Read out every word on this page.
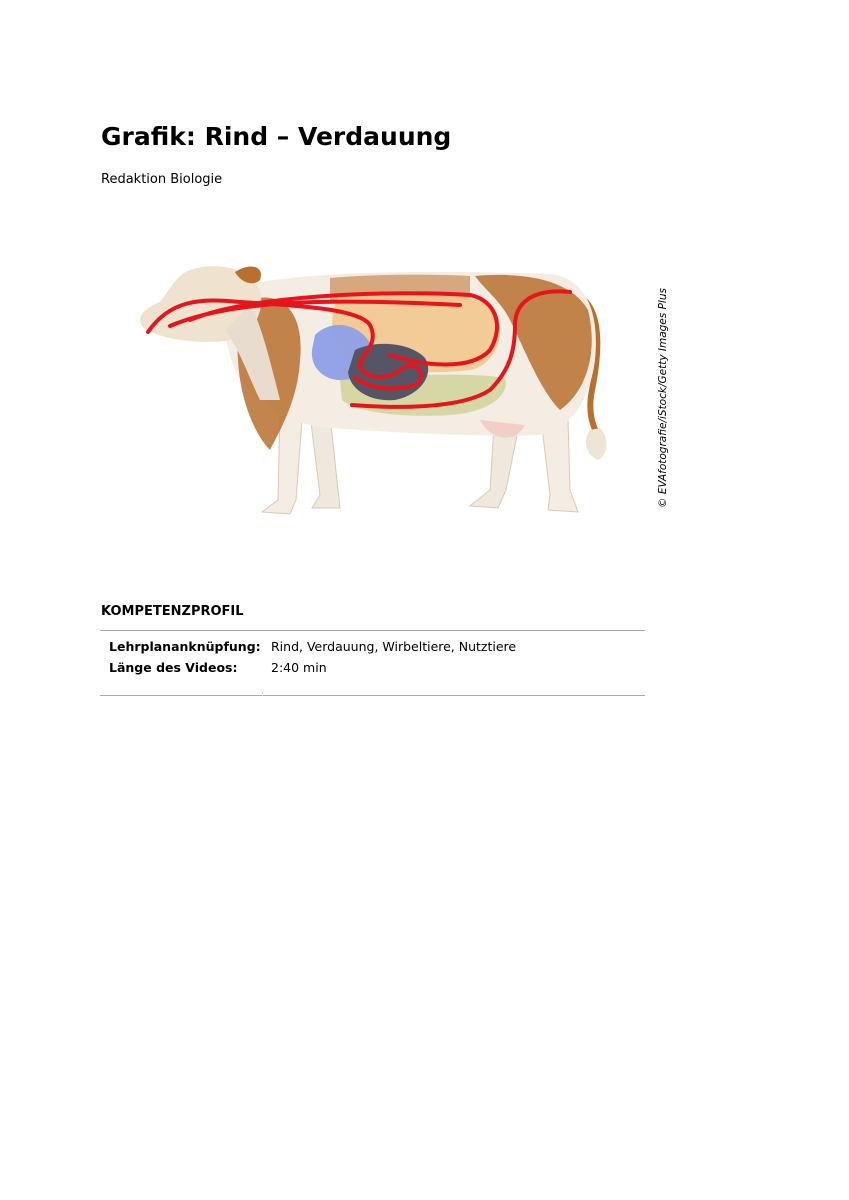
Grafik: Rind – Verdauung
Redaktion Biologie
© EVAfotografie/iStock/Getty Images Plus
KOMPETENZPROFIL
Lehrplananknüpfung: Rind, Verdauung, Wirbeltiere, Nutztiere
Länge des Videos:	2:40 min
